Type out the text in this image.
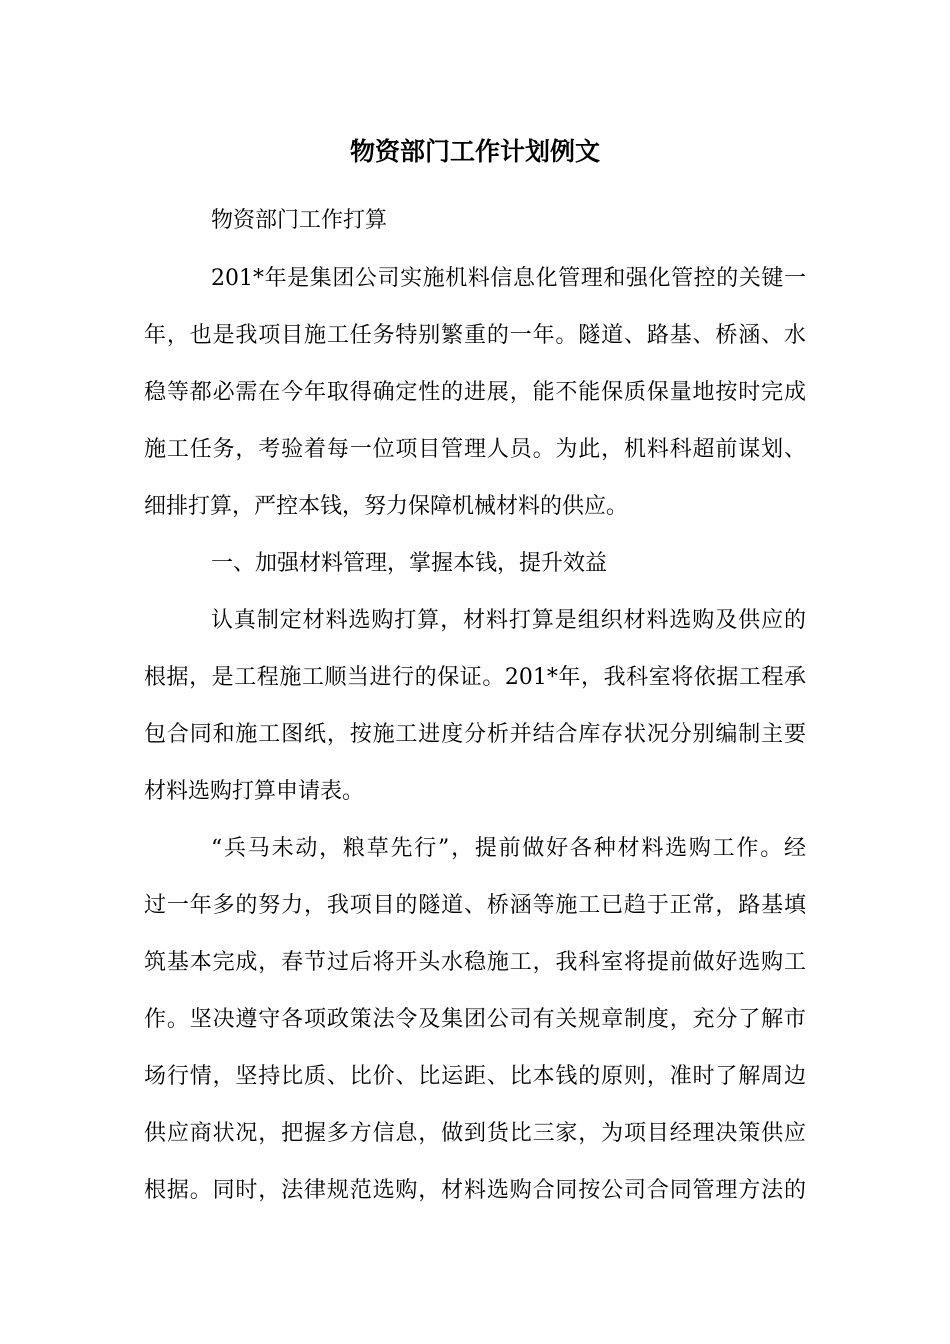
物资部门工作计划例文
物资部门工作打算
201*年是集团公司实施机料信息化管理和强化管控的关键一
年，也是我项目施工任务特别繁重的一年。隧道、路基、桥涵、水
稳等都必需在今年取得确定性的进展，能不能保质保量地按时完成
施工任务，考验着每一位项目管理人员。为此，机料科超前谋划、
细排打算，严控本钱，努力保障机械材料的供应。
一、加强材料管理，掌握本钱，提升效益
认真制定材料选购打算，材料打算是组织材料选购及供应的
根据，是工程施工顺当进行的保证。201*年，我科室将依据工程承
包合同和施工图纸，按施工进度分析并结合库存状况分别编制主要
材料选购打算申请表。
“兵马未动，粮草先行”，提前做好各种材料选购工作。经
过一年多的努力，我项目的隧道、桥涵等施工已趋于正常，路基填
筑基本完成，春节过后将开头水稳施工，我科室将提前做好选购工
作。坚决遵守各项政策法令及集团公司有关规章制度，充分了解市
场行情，坚持比质、比价、比运距、比本钱的原则，准时了解周边
供应商状况，把握多方信息，做到货比三家，为项目经理决策供应
根据。同时，法律规范选购，材料选购合同按公司合同管理方法的
